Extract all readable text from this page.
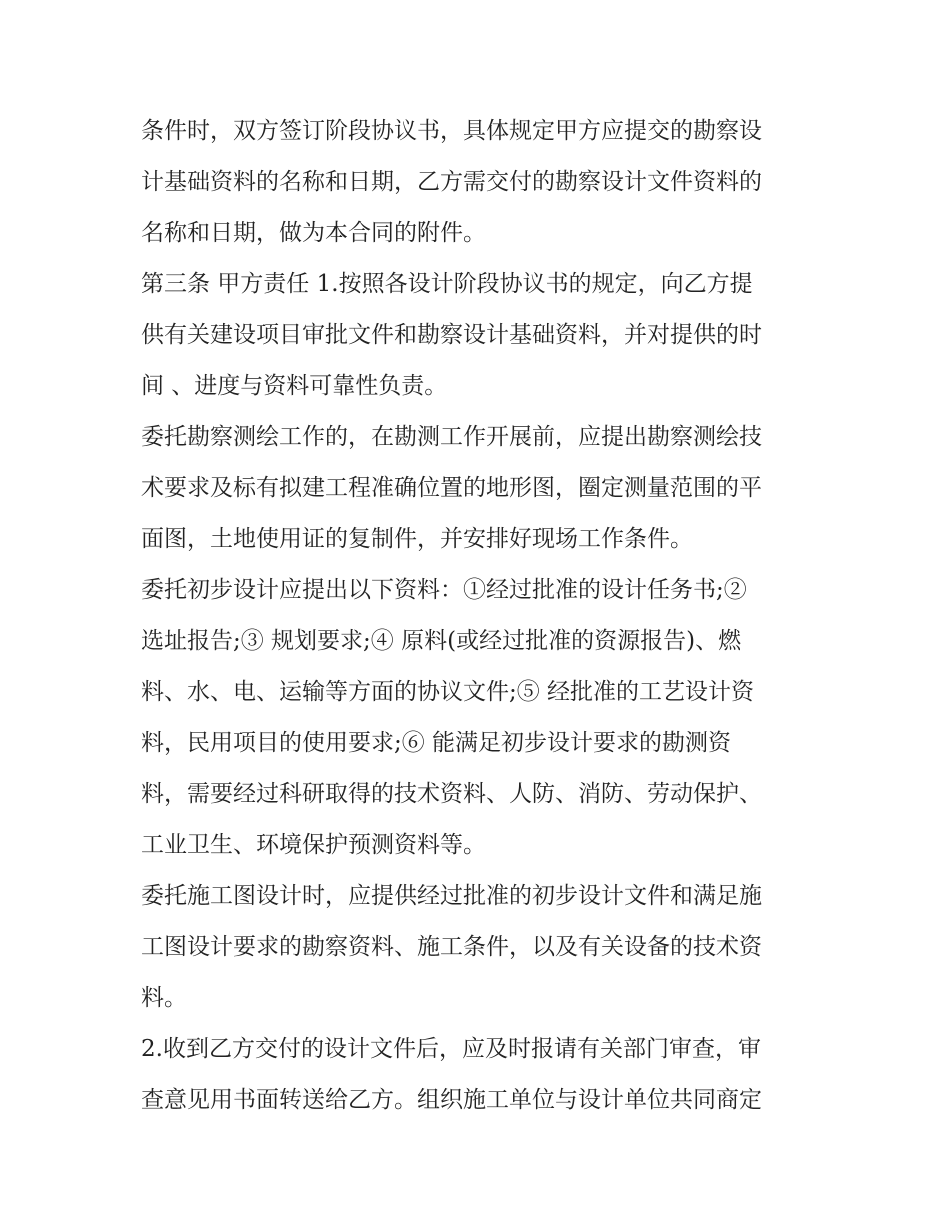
条件时，双方签订阶段协议书，具体规定甲方应提交的勘察设
计基础资料的名称和日期，乙方需交付的勘察设计文件资料的
名称和日期，做为本合同的附件。
第三条 甲方责任 1.按照各设计阶段协议书的规定，向乙方提
供有关建设项目审批文件和勘察设计基础资料，并对提供的时
间 、进度与资料可靠性负责。
委托勘察测绘工作的，在勘测工作开展前，应提出勘察测绘技
术要求及标有拟建工程准确位置的地形图，圈定测量范围的平
面图，土地使用证的复制件，并安排好现场工作条件。
委托初步设计应提出以下资料：①经过批准的设计任务书;②
选址报告;③ 规划要求;④ 原料(或经过批准的资源报告)、燃
料、水、电、运输等方面的协议文件;⑤ 经批准的工艺设计资
料，民用项目的使用要求;⑥ 能满足初步设计要求的勘测资
料，需要经过科研取得的技术资料、人防、消防、劳动保护、
工业卫生、环境保护预测资料等。
委托施工图设计时，应提供经过批准的初步设计文件和满足施
工图设计要求的勘察资料、施工条件，以及有关设备的技术资
料。
2.收到乙方交付的设计文件后，应及时报请有关部门审查，审
查意见用书面转送给乙方。组织施工单位与设计单位共同商定
